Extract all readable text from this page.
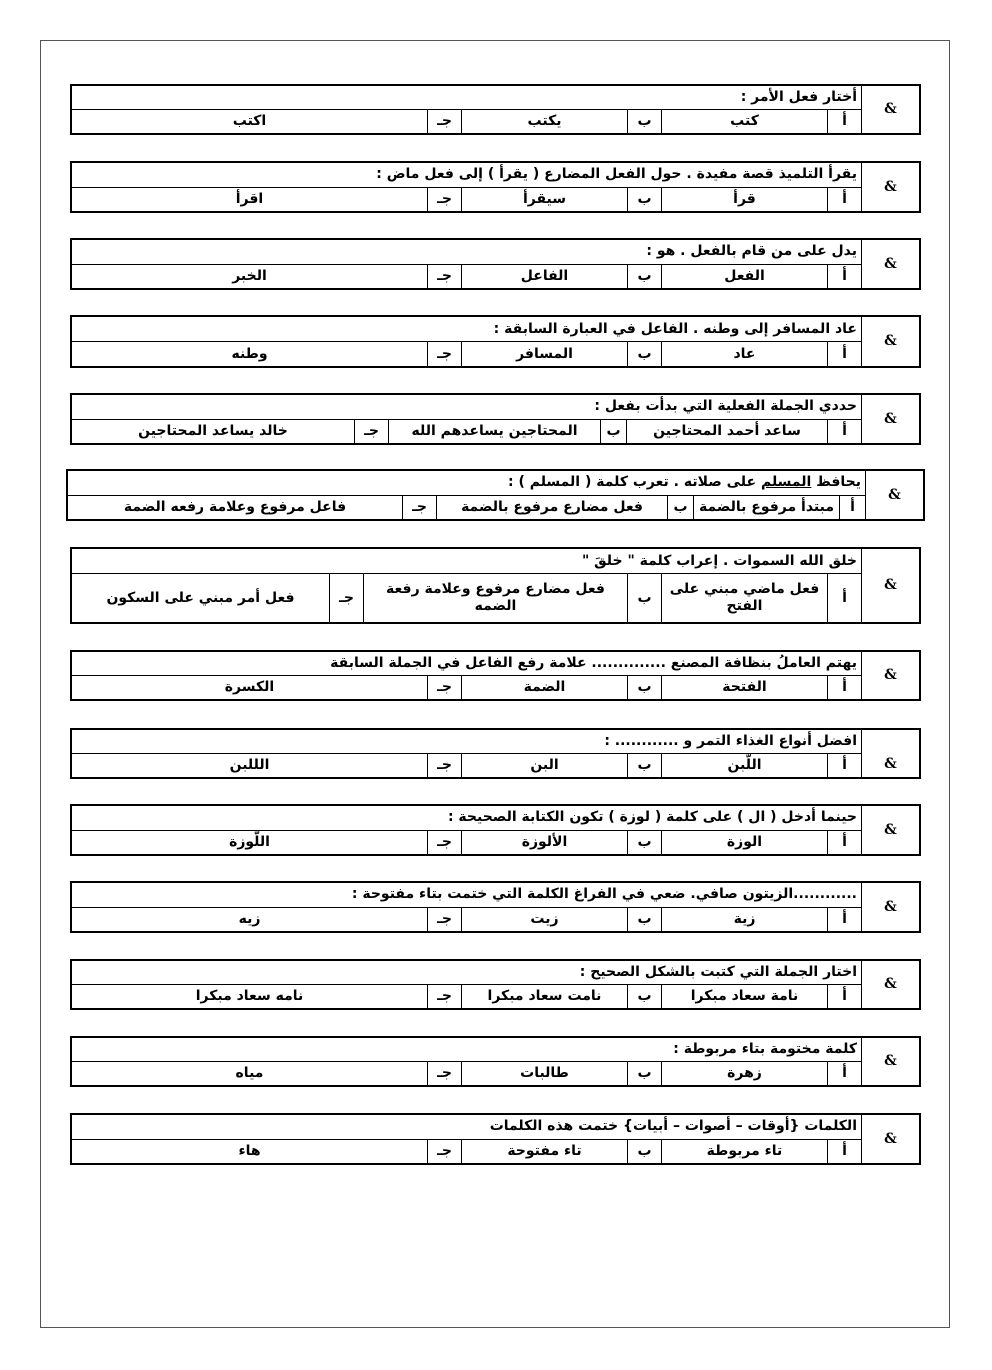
&	أختار فعل الأمر :					
	أ	كتب	ب	يكتب	جـ	اكتب
&	يقرأ التلميذ قصة مفيدة . حول الفعل المضارع ( يقرأ ) إلى فعل ماض :					
	أ	قرأ	ب	سيقرأ	جـ	اقرأ
&	يدل على من قام بالفعل . هو :					
	أ	الفعل	ب	الفاعل	جـ	الخبر
&	عاد المسافر إلى وطنه . الفاعل في العبارة السابقة :					
	أ	عاد	ب	المسافر	جـ	وطنه
&	حددي الجملة الفعلية التي بدأت بفعل :					
	أ	ساعد أحمد المحتاجين	ب	المحتاجين يساعدهم الله	جـ	خالد يساعد المحتاجين
&	يحافظ المسلم على صلاته . تعرب كلمة ( المسلم ) :					
	أ	مبتدأ مرفوع بالضمة	ب	فعل مضارع مرفوع بالضمة	جـ	فاعل مرفوع وعلامة رفعه الضمة
&	خلق الله السموات . إعراب كلمة " خلقَ "					
	أ	فعل ماضي مبني على الفتح	ب	فعل مضارع مرفوع وعلامة رفعة الضمه	جـ	فعل أمر مبني على السكون
&	يهتم العاملُ بنظافة المصنع .............. علامة رفع الفاعل في الجملة السابقة					
	أ	الفتحة	ب	الضمة	جـ	الكسرة
&	افضل أنواع الغذاء التمر و ............ :					
	أ	اللّبن	ب	البن	جـ	الللبن
&	حينما أدخل ( ال ) على كلمة ( لوزة ) تكون الكتابة الصحيحة :					
	أ	الوزة	ب	الألوزة	جـ	اللّوزة
&	............الزيتون صافي. ضعي في الفراغ الكلمة التي ختمت بتاء مفتوحة :					
	أ	زية	ب	زيت	جـ	زيه
&	اختار الجملة التي كتبت بالشكل الصحيح :					
	أ	نامة سعاد مبكرا	ب	نامت سعاد مبكرا	جـ	نامه سعاد مبكرا
&	كلمة مختومة بتاء مربوطة :					
	أ	زهرة	ب	طالبات	جـ	مياه
&	الكلمات {أوقات – أصوات – أبيات} ختمت هذه الكلمات					
	أ	تاء مربوطة	ب	تاء مفتوحة	جـ	هاء
